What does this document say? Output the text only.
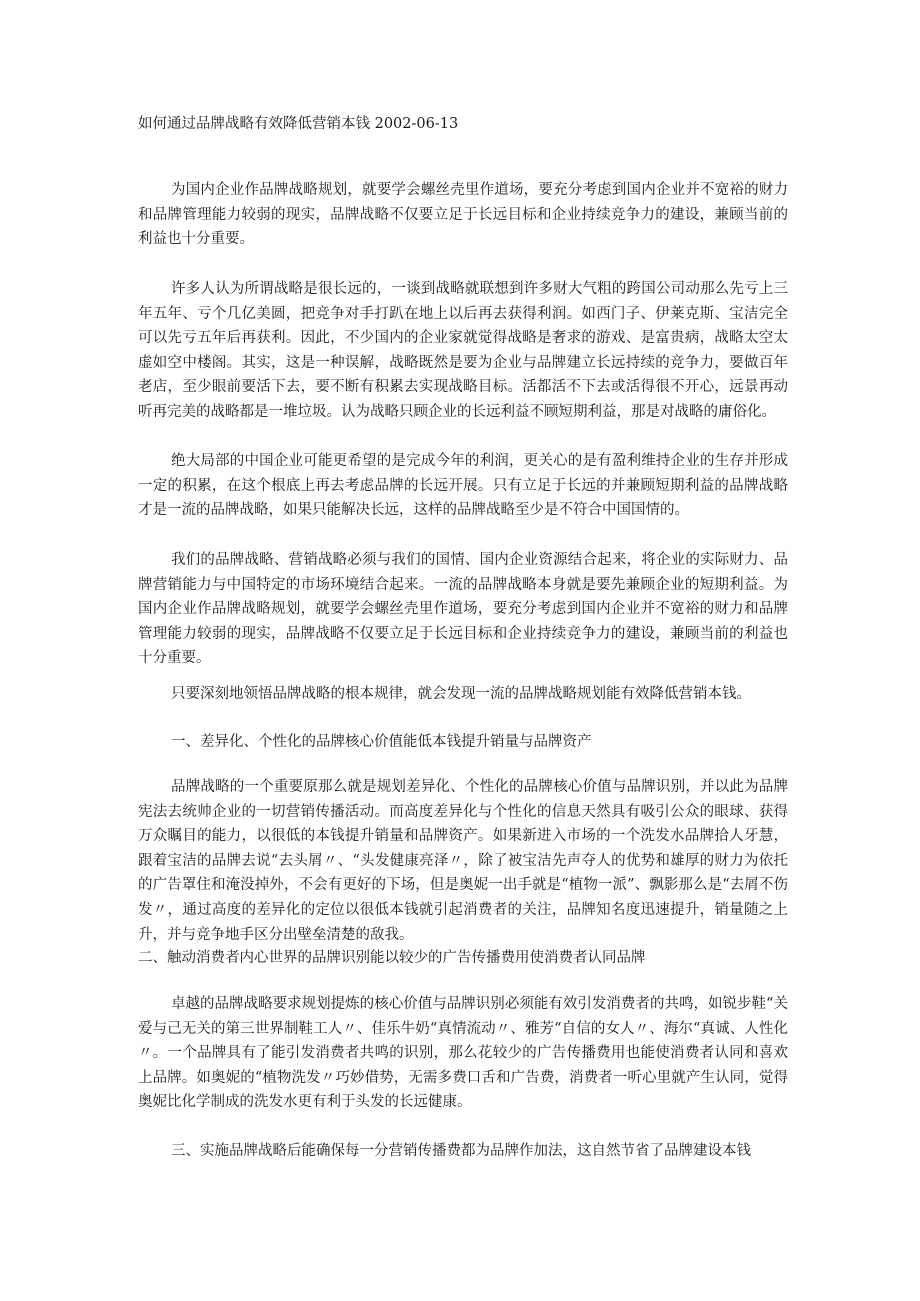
如何通过品牌战略有效降低营销本钱 2002-06-13

为国内企业作品牌战略规划，就要学会螺丝壳里作道场，要充分考虑到国内企业并不宽裕的财力和品牌管理能力较弱的现实，品牌战略不仅要立足于长远目标和企业持续竞争力的建设，兼顾当前的利益也十分重要。

许多人认为所谓战略是很长远的，一谈到战略就联想到许多财大气粗的跨国公司动那么先亏上三年五年、亏个几亿美圆，把竞争对手打趴在地上以后再去获得利润。如西门子、伊莱克斯、宝洁完全可以先亏五年后再获利。因此，不少国内的企业家就觉得战略是奢求的游戏、是富贵病，战略太空太虚如空中楼阁。其实，这是一种误解，战略既然是要为企业与品牌建立长远持续的竞争力，要做百年老店，至少眼前要活下去，要不断有积累去实现战略目标。活都活不下去或活得很不开心，远景再动听再完美的战略都是一堆垃圾。认为战略只顾企业的长远利益不顾短期利益，那是对战略的庸俗化。

绝大局部的中国企业可能更希望的是完成今年的利润，更关心的是有盈利维持企业的生存并形成一定的积累，在这个根底上再去考虑品牌的长远开展。只有立足于长远的并兼顾短期利益的品牌战略才是一流的品牌战略，如果只能解决长远，这样的品牌战略至少是不符合中国国情的。

我们的品牌战略、营销战略必须与我们的国情、国内企业资源结合起来，将企业的实际财力、品牌营销能力与中国特定的市场环境结合起来。一流的品牌战略本身就是要先兼顾企业的短期利益。为国内企业作品牌战略规划，就要学会螺丝壳里作道场，要充分考虑到国内企业并不宽裕的财力和品牌管理能力较弱的现实，品牌战略不仅要立足于长远目标和企业持续竞争力的建设，兼顾当前的利益也十分重要。

只要深刻地领悟品牌战略的根本规律，就会发现一流的品牌战略规划能有效降低营销本钱。

一、差异化、个性化的品牌核心价值能低本钱提升销量与品牌资产

品牌战略的一个重要原那么就是规划差异化、个性化的品牌核心价值与品牌识别，并以此为品牌宪法去统帅企业的一切营销传播活动。而高度差异化与个性化的信息天然具有吸引公众的眼球、获得万众瞩目的能力，以很低的本钱提升销量和品牌资产。如果新进入市场的一个洗发水品牌拾人牙慧，跟着宝洁的品牌去说“去头屑〃、“头发健康亮泽〃，除了被宝洁先声夺人的优势和雄厚的财力为依托的广告罩住和淹没掉外，不会有更好的下场，但是奥妮一出手就是“植物一派”、飘影那么是“去屑不伤发〃，通过高度的差异化的定位以很低本钱就引起消费者的关注，品牌知名度迅速提升，销量随之上升，并与竞争地手区分出壁垒清楚的敌我。

二、触动消费者内心世界的品牌识别能以较少的广告传播费用使消费者认同品牌

卓越的品牌战略要求规划提炼的核心价值与品牌识别必须能有效引发消费者的共鸣，如锐步鞋“关爱与己无关的第三世界制鞋工人〃、佳乐牛奶“真情流动〃、雅芳“自信的女人〃、海尔“真诚、人性化〃。一个品牌具有了能引发消费者共鸣的识别，那么花较少的广告传播费用也能使消费者认同和喜欢上品牌。如奥妮的“植物洗发〃巧妙借势，无需多费口舌和广告费，消费者一听心里就产生认同，觉得奥妮比化学制成的洗发水更有利于头发的长远健康。

三、实施品牌战略后能确保每一分营销传播费都为品牌作加法，这自然节省了品牌建设本钱
